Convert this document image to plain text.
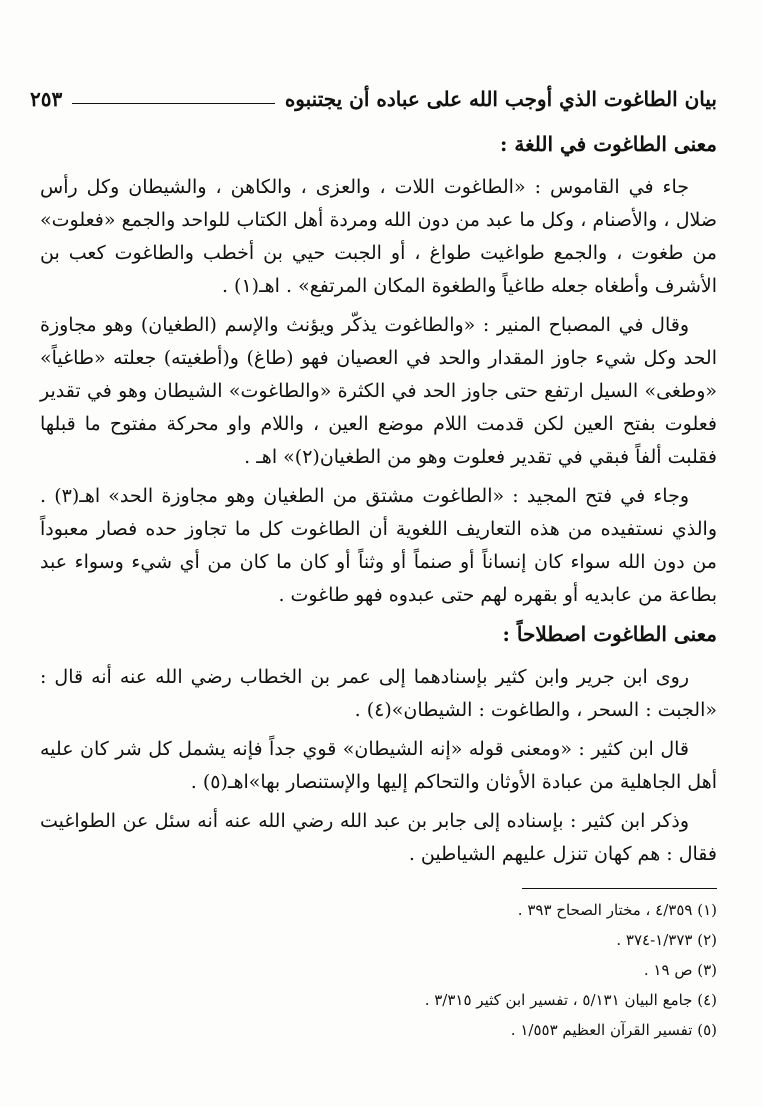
بيان الطاغوت الذي أوجب الله على عباده أن يجتنبوه
٢٥٣
معنى الطاغوت في اللغة :

جاء في القاموس : «الطاغوت اللات ، والعزى ، والكاهن ، والشيطان وكل رأس ضلال ، والأصنام ، وكل ما عبد من دون الله ومردة أهل الكتاب للواحد والجمع «فعلوت» من طغوت ، والجمع طواغيت طواغ ، أو الجبت حيي بن أخطب والطاغوت كعب بن الأشرف وأطغاه جعله طاغياً والطغوة المكان المرتفع» . اهـ(١) .

وقال في المصباح المنير : «والطاغوت يذكّر ويؤنث والإسم (الطغيان) وهو مجاوزة الحد وكل شيء جاوز المقدار والحد في العصيان فهو (طاغ) و(أطغيته) جعلته «طاغياً» «وطغى» السيل ارتفع حتى جاوز الحد في الكثرة «والطاغوت» الشيطان وهو في تقدير فعلوت بفتح العين لكن قدمت اللام موضع العين ، واللام واو محركة مفتوح ما قبلها فقلبت ألفاً فبقي في تقدير فعلوت وهو من الطغيان(٢)» اهـ .

وجاء في فتح المجيد : «الطاغوت مشتق من الطغيان وهو مجاوزة الحد» اهـ(٣) . والذي نستفيده من هذه التعاريف اللغوية أن الطاغوت كل ما تجاوز حده فصار معبوداً من دون الله سواء كان إنساناً أو صنماً أو وثناً أو كان ما كان من أي شيء وسواء عبد بطاعة من عابديه أو بقهره لهم حتى عبدوه فهو طاغوت .

معنى الطاغوت اصطلاحاً :

روى ابن جرير وابن كثير بإسنادهما إلى عمر بن الخطاب رضي الله عنه أنه قال : «الجبت : السحر ، والطاغوت : الشيطان»(٤) .

قال ابن كثير : «ومعنى قوله «إنه الشيطان» قوي جداً فإنه يشمل كل شر كان عليه أهل الجاهلية من عبادة الأوثان والتحاكم إليها والإستنصار بها»اهـ(٥) .

وذكر ابن كثير : بإسناده إلى جابر بن عبد الله رضي الله عنه أنه سئل عن الطواغيت فقال : هم كهان تنزل عليهم الشياطين .

(١) ٤/٣٥٩ ، مختار الصحاح ٣٩٣ .

(٢) ١/٣٧٣-٣٧٤ .

(٣) ص ١٩ .

(٤) جامع البيان ٥/١٣١ ، تفسير ابن كثير ٣/٣١٥ .

(٥) تفسير القرآن العظيم ١/٥٥٣ .
